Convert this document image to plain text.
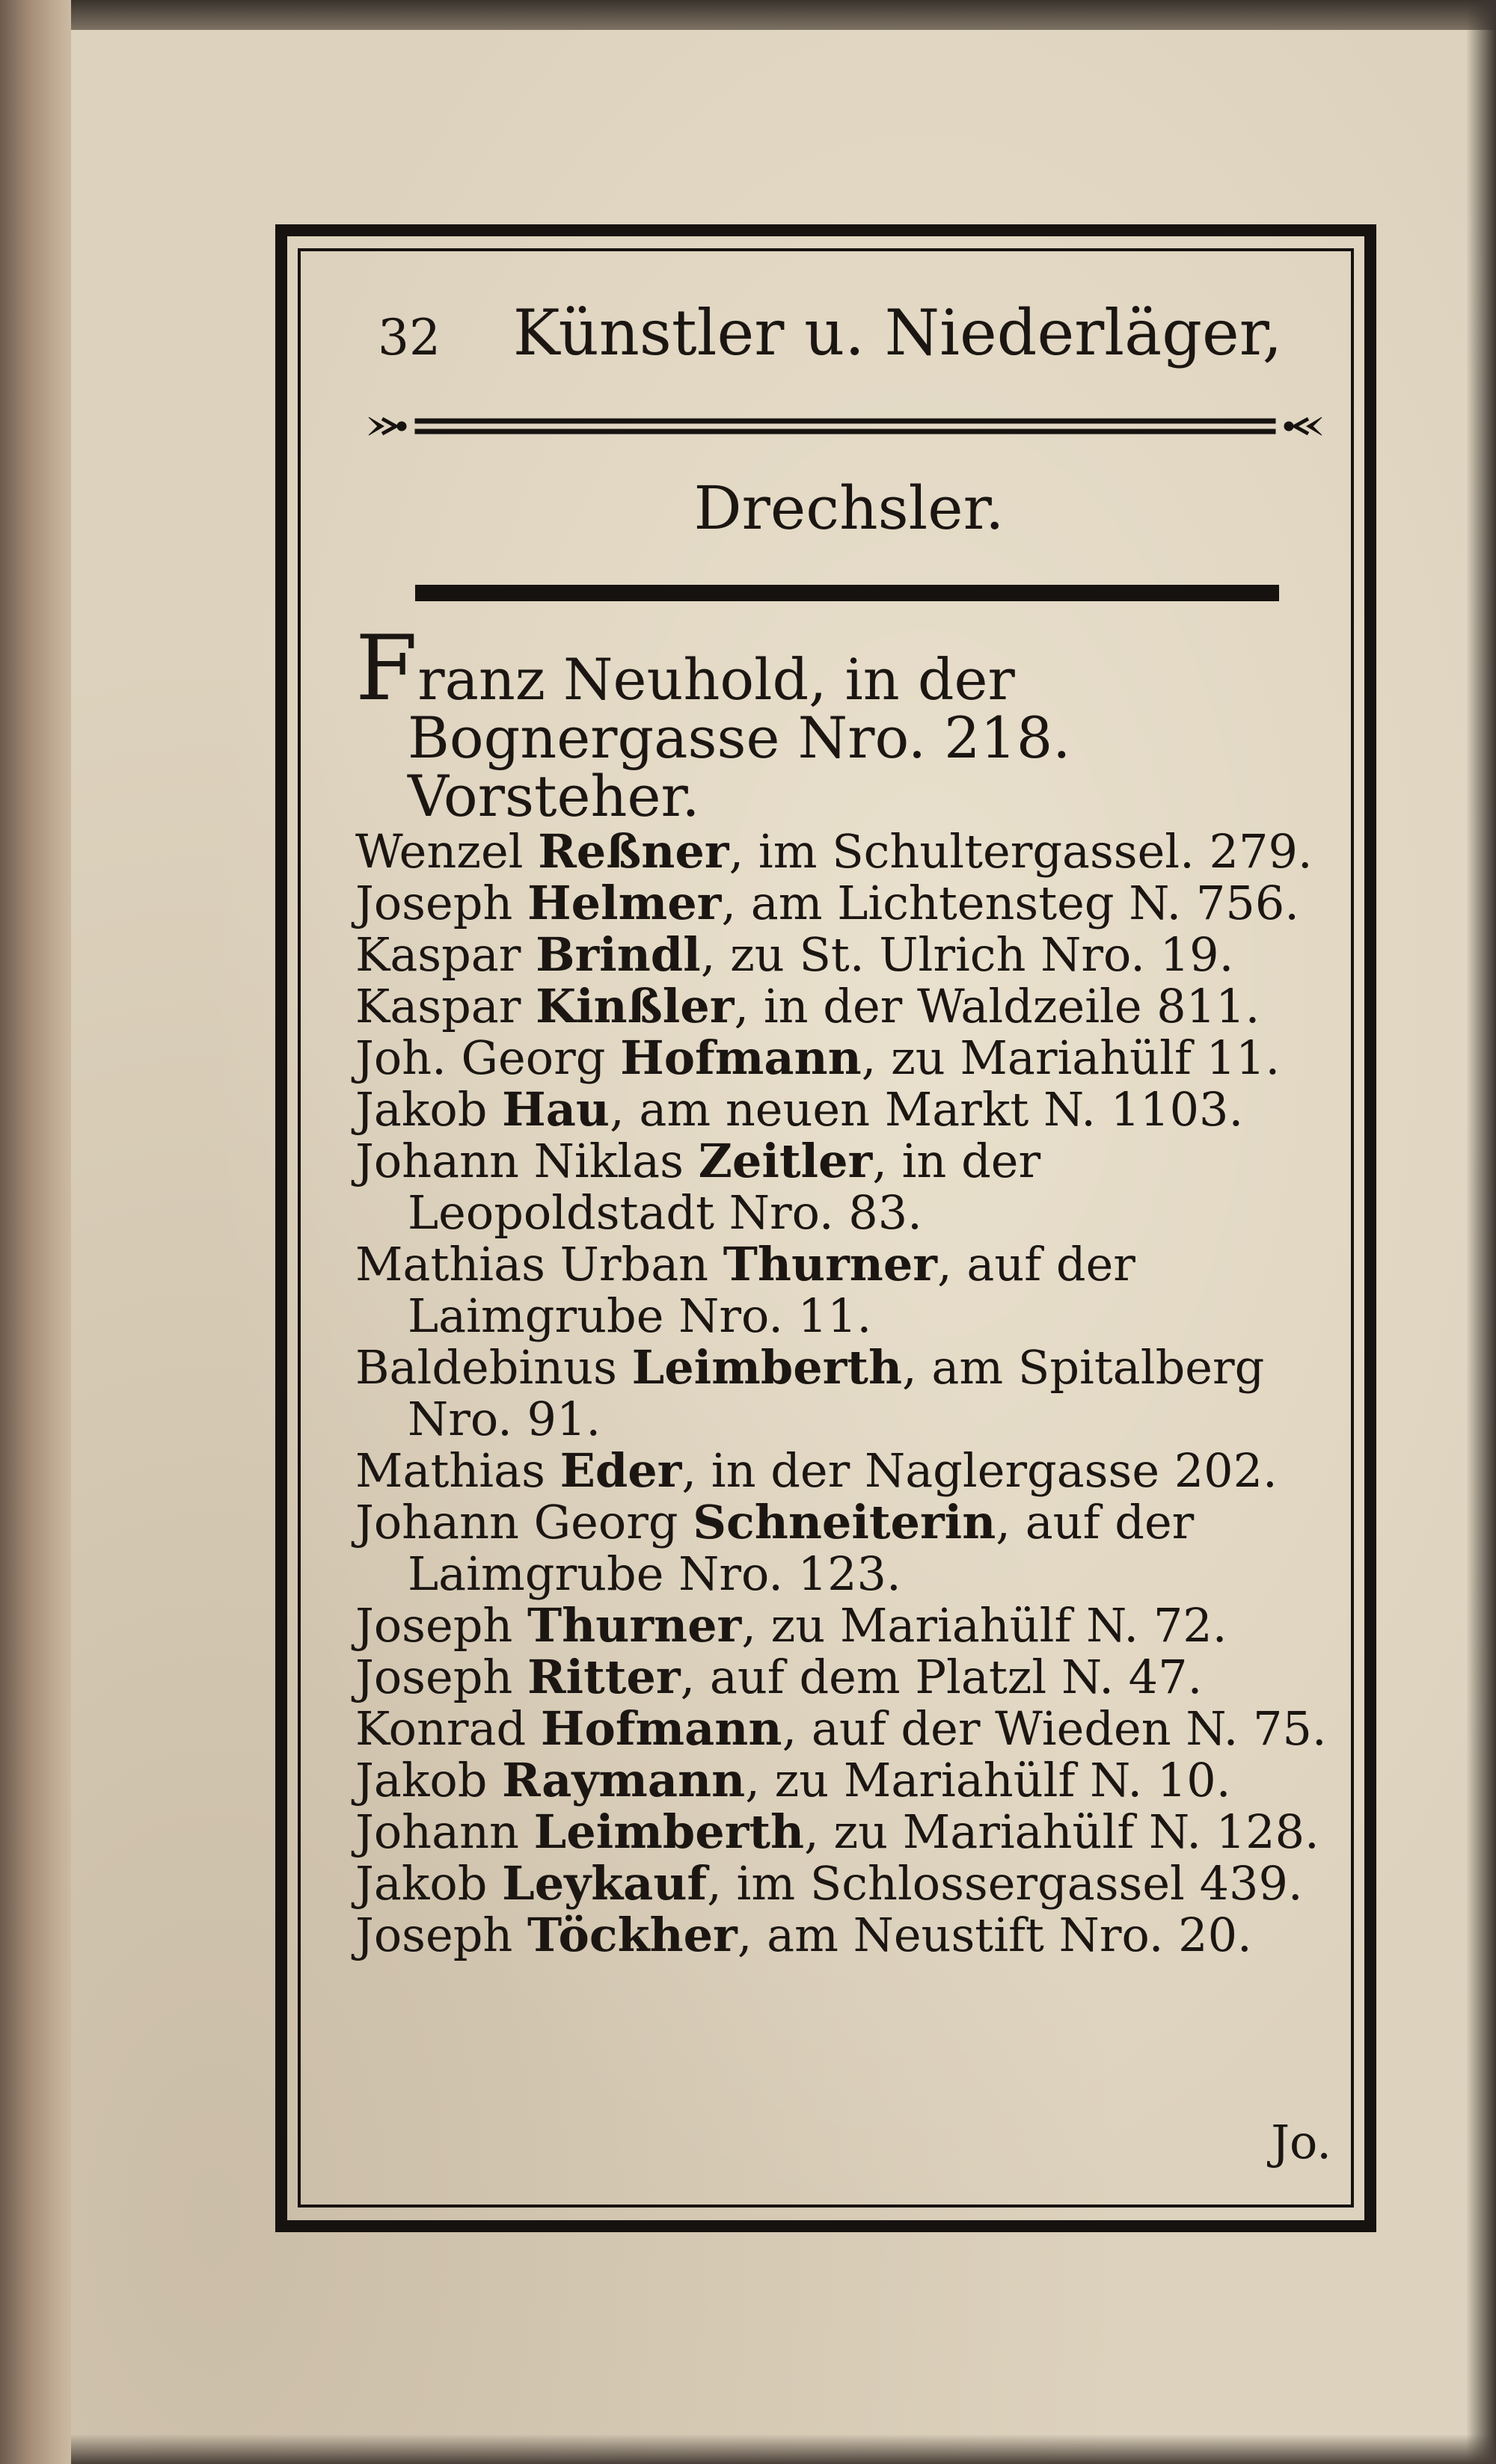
32 Künstler u. Niederläger,
Drechsler.

Franz Neuhold, in der Bognergasse Nro. 218. Vorsteher.

Wenzel Reßner, im Schultergassel. 279.

Joseph Helmer, am Lichtensteg N. 756.

Kaspar Brindl, zu St. Ulrich Nro. 19.

Kaspar Kinßler, in der Waldzeile 811.

Joh. Georg Hofmann, zu Mariahülf 11.

Jakob Hau, am neuen Markt N. 1103.

Johann Niklas Zeitler, in der Leopoldstadt Nro. 83.

Mathias Urban Thurner, auf der Laimgrube Nro. 11.

Baldebinus Leimberth, am Spitalberg Nro. 91.

Mathias Eder, in der Naglergasse 202.

Johann Georg Schneiterin, auf der Laimgrube Nro. 123.

Joseph Thurner, zu Mariahülf N. 72.

Joseph Ritter, auf dem Platzl N. 47.

Konrad Hofmann, auf der Wieden N. 75.

Jakob Raymann, zu Mariahülf N. 10.

Johann Leimberth, zu Mariahülf N. 128.

Jakob Leykauf, im Schlossergassel 439.

Joseph Töckher, am Neustift Nro. 20.

Jo.
